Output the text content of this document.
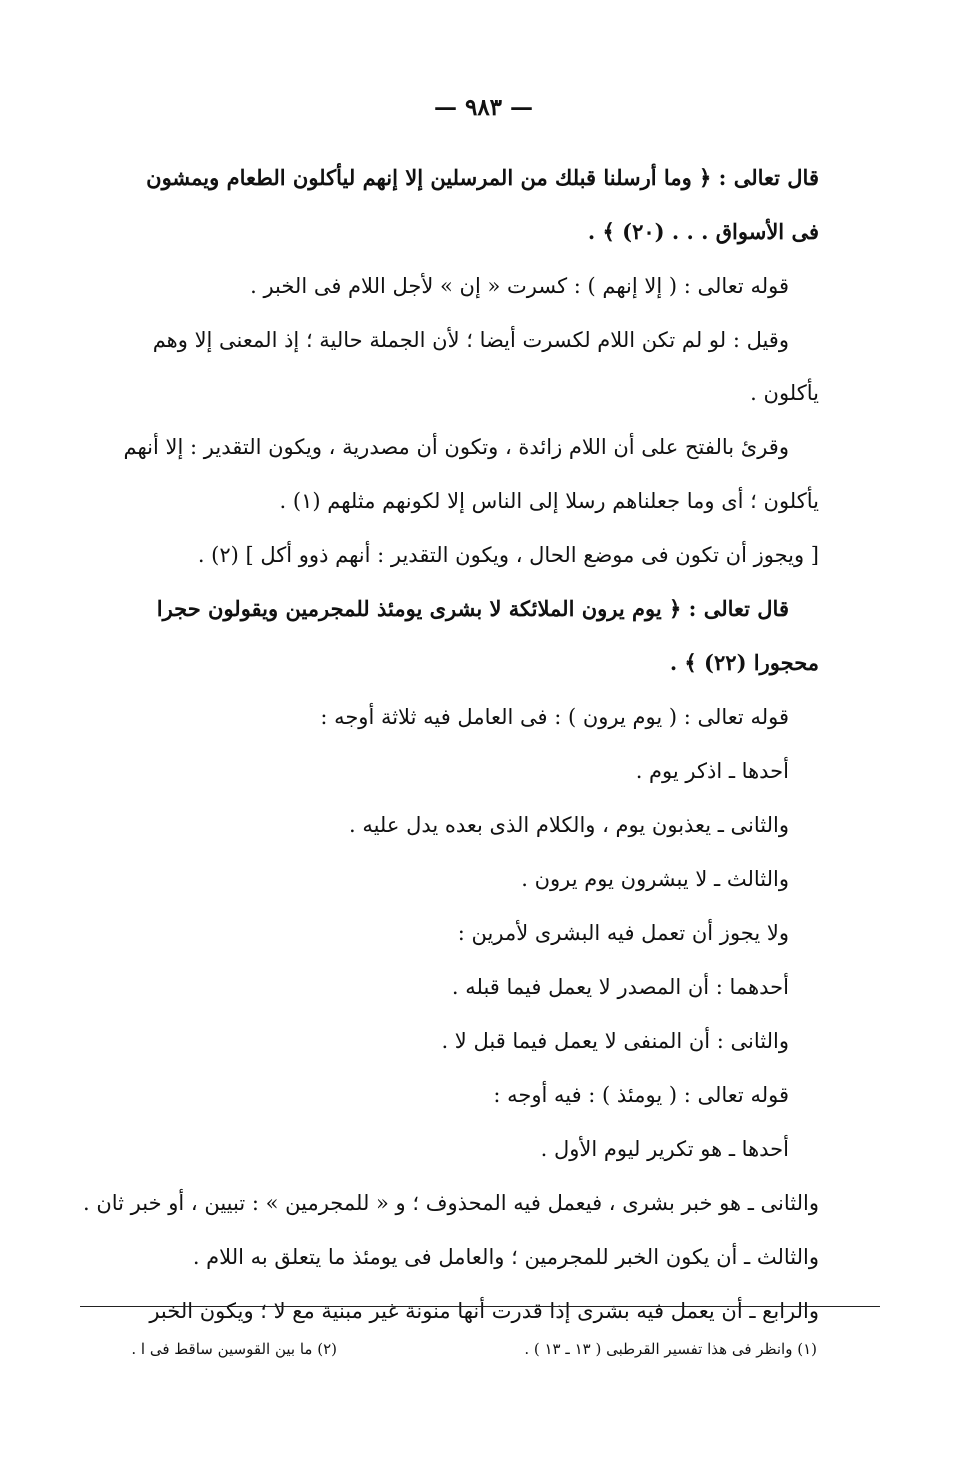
— ٩٨٣ —
قال تعالى : ﴿ وما أرسلنا قبلك من المرسلين إلا إنهم ليأكلون الطعام ويمشون
فى الأسواق . . . (٢٠) ﴾ .
قوله تعالى : ( إلا إنهم ) : كسرت « إن » لأجل اللام فى الخبر .
وقيل : لو لم تكن اللام لكسرت أيضا ؛ لأن الجملة حالية ؛ إذ المعنى إلا وهم
يأكلون .
وقرئ بالفتح على أن اللام زائدة ، وتكون أن مصدرية ، ويكون التقدير : إلا أنهم
يأكلون ؛ أى وما جعلناهم رسلا إلى الناس إلا لكونهم مثلهم (١) .
[ ويجوز أن تكون فى موضع الحال ، ويكون التقدير : أنهم ذوو أكل ] (٢) .
قال تعالى : ﴿ يوم يرون الملائكة لا بشرى يومئذ للمجرمين ويقولون حجرا
محجورا (٢٢) ﴾ .
قوله تعالى : ( يوم يرون ) : فى العامل فيه ثلاثة أوجه :
أحدها ـ اذكر يوم .
والثانى ـ يعذبون يوم ، والكلام الذى بعده يدل عليه .
والثالث ـ لا يبشرون يوم يرون .
ولا يجوز أن تعمل فيه البشرى لأمرين :
أحدهما : أن المصدر لا يعمل فيما قبله .
والثانى : أن المنفى لا يعمل فيما قبل لا .
قوله تعالى : ( يومئذ ) : فيه أوجه :
أحدها ـ هو تكرير ليوم الأول .
والثانى ـ هو خبر بشرى ، فيعمل فيه المحذوف ؛ و « للمجرمين » : تبيين ، أو خبر ثان .
والثالث ـ أن يكون الخبر للمجرمين ؛ والعامل فى يومئذ ما يتعلق به اللام .
والرابع ـ أن يعمل فيه بشرى إذا قدرت أنها منونة غير مبنية مع لا ؛ ويكون الخبر
(١) وانظر فى هذا تفسير القرطبى ( ١٣ ـ ١٣ ) .
(٢) ما بين القوسين ساقط فى ا .
